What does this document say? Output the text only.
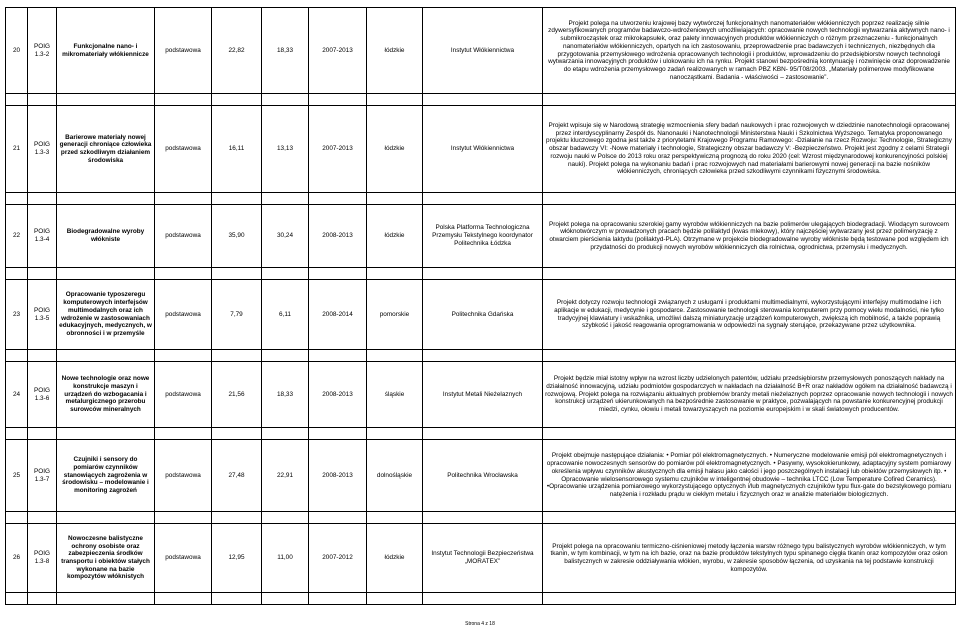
20	POIG 1.3-2	Funkcjonalne nano- i mikromateriały włókiennicze	podstawowa	22,82	18,33	2007-2013	łódzkie	Instytut Włókiennictwa	Projekt polega na utworzeniu krajowej bazy wytwórczej funkcjonalnych nanomateriałów włókienniczych poprzez realizację silnie zdywersyfikowanych programów badawczo-wdrożeniowych umożliwiających: opracowanie nowych technologii wytwarzania aktywnych nano- i submikrocząstek oraz mikrokapsułek, oraz palety innowacyjnych produktów włókienniczych o różnym przeznaczeniu - funkcjonalnych nanomateriałów włókienniczych, opartych na ich zastosowaniu, przeprowadzenie prac badawczych i technicznych, niezbędnych dla przygotowania przemysłowego wdrożenia opracowanych technologii i produktów, wprowadzeniu do przedsiębiorstw nowych technologii wytwarzania innowacyjnych produktów i ulokowaniu ich na rynku. Projekt stanowi bezpośrednią kontynuację i rozwinięcie oraz doprowadzenie do etapu wdrożenia przemysłowego zadań realizowanych w ramach PBZ KBN- 95/T08/2003. „Materiały polimerowe modyfikowane nanocząstkami. Badania - właściwości – zastosowanie”.

21	POIG 1.3-3	Barierowe materiały nowej generacji chroniące człowieka przed szkodliwym działaniem środowiska	podstawowa	16,11	13,13	2007-2013	łódzkie	Instytut Włókiennictwa	Projekt wpisuje się w Narodową strategię wzmocnienia sfery badań naukowych i prac rozwojowych w dziedzinie nanotechnologii opracowanej przez interdyscyplinarny Zespół ds. Nanonauki i Nanotechnologii Ministerstwa Nauki i Szkolnictwa Wyższego. Tematyka proponowanego projektu kluczowego zgodna jest także z priorytetami Krajowego Programu Ramowego: -Działanie na rzecz Rozwoju: Technologie, Strategiczny obszar badawczy VI: -Nowe materiały i technologie, Strategiczny obszar badawczy V: -Bezpieczeństwo. Projekt jest zgodny z celami Strategii rozwoju nauki w Polsce do 2013 roku oraz perspektywiczną prognozą do roku 2020 (cel: Wzrost międzynarodowej konkurencyjności polskiej nauki). Projekt polega na wykonaniu badań i prac rozwojowych nad materiałami barierowymi nowej generacji na bazie nośników włókienniczych, chroniących człowieka przed szkodliwymi czynnikami fizycznymi środowiska.

22	POIG 1.3-4	Biodegradowalne wyroby włókniste	podstawowa	35,90	30,24	2008-2013	łódzkie	Polska Platforma Technologiczna Przemysłu Tekstylnego koordynator Politechnika Łódzka	Projekt polega na opracowaniu szerokiej gamy wyrobów włókienniczych na bazie polimerów ulegających biodegradacji. Wiodącym surowcem włóknotwórczym w prowadzonych pracach będzie polilaktyd (kwas mlekowy), który najczęściej wytwarzany jest przez polimeryzację z otwarciem pierścienia laktydu (polilaktyd-PLA). Otrzymane w projekcie biodegradowalne wyroby włókniste będą testowane pod względem ich przydatności do produkcji nowych wyrobów włókienniczych dla rolnictwa, ogrodnictwa, przemysłu i medycznych.

23	POIG 1.3-5	Opracowanie typoszeregu komputerowych interfejsów multimodalnych oraz ich wdrożenie w zastosowaniach edukacyjnych, medycznych, w obronności i w przemyśle	podstawowa	7,79	6,11	2008-2014	pomorskie	Politechnika Gdańska	Projekt dotyczy rozwoju technologii związanych z usługami i produktami multimedialnymi, wykorzystującymi interfejsy multimodalne i ich aplikacje w edukacji, medycynie i gospodarce. Zastosowanie technologii sterowania komputerem przy pomocy wielu modalności, nie tylko tradycyjnej klawiatury i wskaźnika, umożliwi dalszą miniaturyzację urządzeń komputerowych, zwiększą ich mobilność, a także poprawią szybkość i jakość reagowania oprogramowania w odpowiedzi na sygnały sterujące, przekazywane przez użytkownika.

24	POIG 1.3-6	Nowe technologie oraz nowe konstrukcje maszyn i urządzeń do wzbogacania i metalurgicznego przerobu surowców mineralnych	podstawowa	21,56	18,33	2008-2013	śląskie	Instytut Metali Nieżelaznych	Projekt będzie miał istotny wpływ na wzrost liczby udzielonych patentów, udziału przedsiębiorstw przemysłowych ponoszących nakłady na działalność innowacyjną, udziału podmiotów gospodarczych w nakładach na działalność B+R oraz nakładów ogółem na działalność badawczą i rozwojową. Projekt polega na rozwiązaniu aktualnych problemów branży metali nieżelaznych poprzez opracowanie nowych technologii i nowych konstrukcji urządzeń ukierunkowanych na bezpośrednie zastosowanie w praktyce, pozwalających na powstanie konkurencyjnej produkcji miedzi, cynku, ołowiu i metali towarzyszących na poziomie europejskim i w skali światowych producentów.

25	POIG 1.3-7	Czujniki i sensory do pomiarów czynników stanowiących zagrożenia w środowisku – modelowanie i monitoring zagrożeń	podstawowa	27,48	22,91	2008-2013	dolnośląskie	Politechnika Wrocławska	Projekt obejmuje następujące działania: • Pomiar pól elektromagnetycznych. • Numeryczne modelowanie emisji pól elektromagnetycznych i opracowanie nowoczesnych sensorów do pomiarów pól elektromagnetycznych. • Pasywny, wysokokierunkowy, adaptacyjny system pomiarowy określenia wpływu czynników akustycznych dla emisji hałasu jako całości i jego poszczególnych instalacji lub obiektów przemysłowych itp. • Opracowanie wielosensorowego systemu czujników w inteligentnej obudowie – technika LTCC (Low Temperature Cofired Ceramics). •Opracowanie urządzenia pomiarowego wykorzystującego optycznych i/lub magnetycznych czujników typu flux-gate do bezstykowego pomiaru natężenia i rozkładu prądu w ciekłym metalu i fizycznych oraz w analizie materiałów biologicznych.

26	POIG 1.3-8	Nowoczesne balistyczne ochrony osobiste oraz zabezpieczenia środków transportu i obiektów stałych wykonane na bazie kompozytów włóknistych	podstawowa	12,95	11,00	2007-2012	łódzkie	Instytut Technologii Bezpieczeństwa „MORATEX”	Projekt polega na opracowaniu termiczno-ciśnieniowej metody łączenia warstw różnego typu balistycznych wyrobów włókienniczych, w tym tkanin, w tym kombinacji, w tym na ich bazie, oraz na bazie produktów tekstylnych typu spinanego cięgła tkanin oraz kompozytów oraz osłon balistycznych w zakresie oddziaływania włókien, wyrobu, w zakresie sposobów łączenia, od uzyskania na tej podstawie konstrukcji kompozytów.

Strona 4 z 18
